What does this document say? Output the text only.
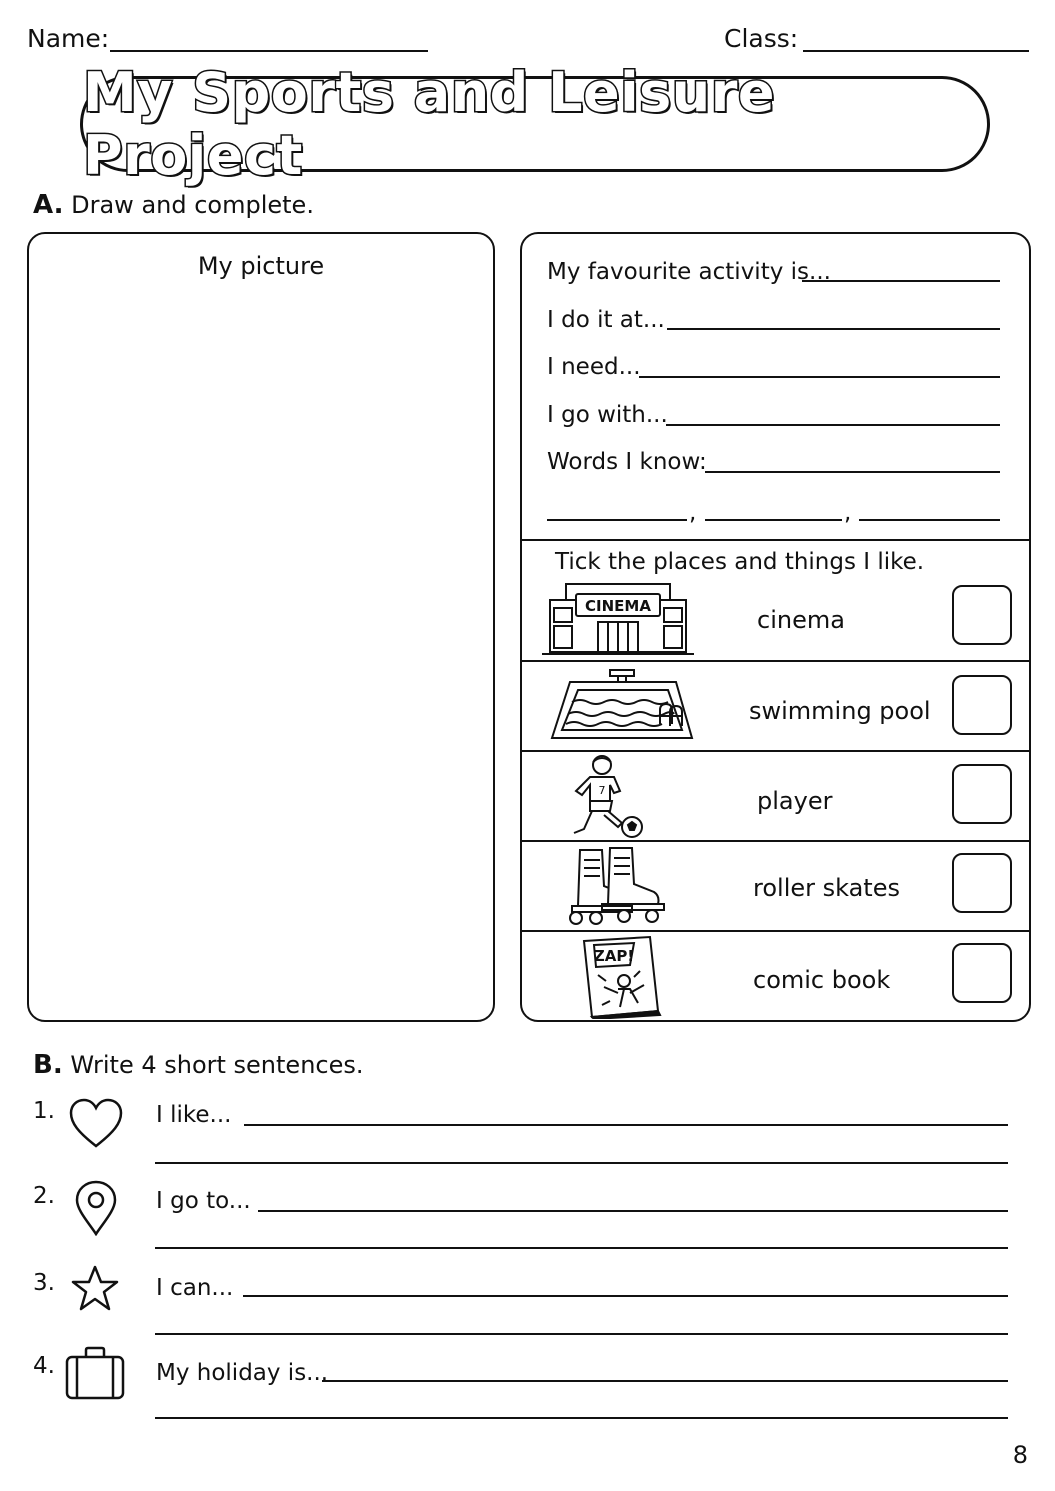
Name:	Class:
My Sports and Leisure Project
A. Draw and complete.
My picture	My favourite activity is...
I do it at...
I need...
I go with...
Words I know:
,	,
Tick the places and things I like.
CINEMA	cinema
swimming pool
7	player
roller skates
ZAP!
comic book
B. Write 4 short sentences.
1.	I like...
2.	I go to...
3.	I can...
4.	My holiday is...
8
